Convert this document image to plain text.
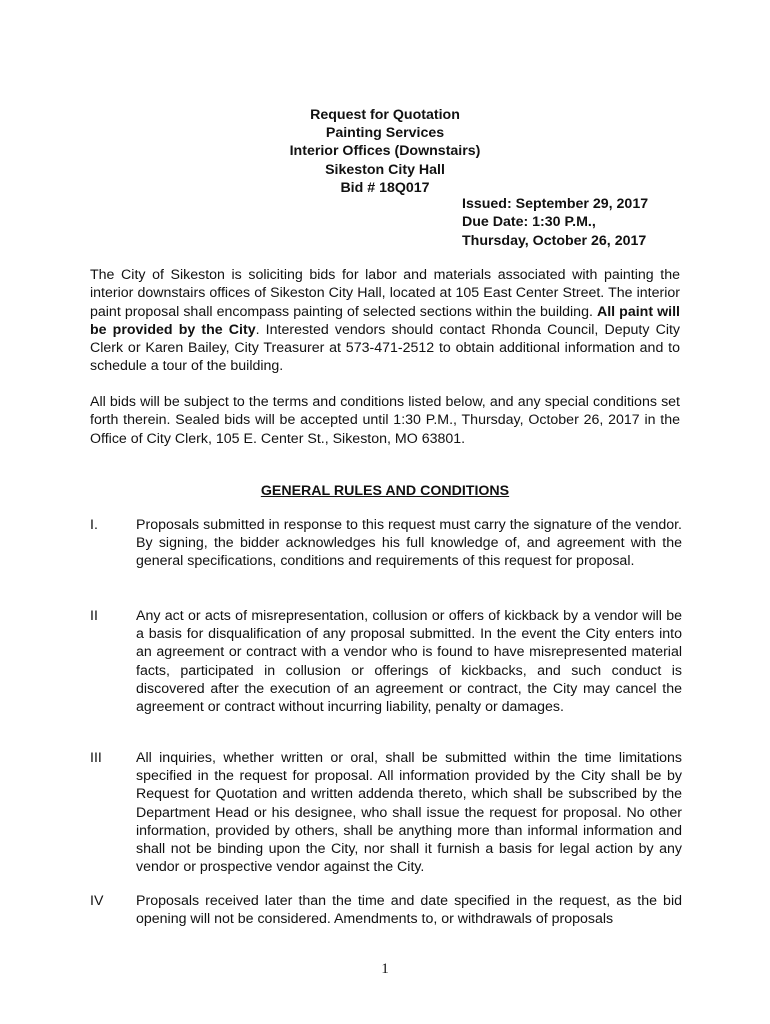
Request for Quotation
Painting Services
Interior Offices (Downstairs)
Sikeston City Hall
Bid # 18Q017
Issued: September 29, 2017
Due Date: 1:30 P.M.,
Thursday, October 26, 2017

The City of Sikeston is soliciting bids for labor and materials associated with painting the interior downstairs offices of Sikeston City Hall, located at 105 East Center Street. The interior paint proposal shall encompass painting of selected sections within the building. All paint will be provided by the City. Interested vendors should contact Rhonda Council, Deputy City Clerk or Karen Bailey, City Treasurer at 573-471-2512 to obtain additional information and to schedule a tour of the building.

All bids will be subject to the terms and conditions listed below, and any special conditions set forth therein. Sealed bids will be accepted until 1:30 P.M., Thursday, October 26, 2017 in the Office of City Clerk, 105 E. Center St., Sikeston, MO 63801.

GENERAL RULES AND CONDITIONS
I.	Proposals submitted in response to this request must carry the signature of the vendor. By signing, the bidder acknowledges his full knowledge of, and agreement with the general specifications, conditions and requirements of this request for proposal.
II	Any act or acts of misrepresentation, collusion or offers of kickback by a vendor will be a basis for disqualification of any proposal submitted. In the event the City enters into an agreement or contract with a vendor who is found to have misrepresented material facts, participated in collusion or offerings of kickbacks, and such conduct is discovered after the execution of an agreement or contract, the City may cancel the agreement or contract without incurring liability, penalty or damages.
III	All inquiries, whether written or oral, shall be submitted within the time limitations specified in the request for proposal. All information provided by the City shall be by Request for Quotation and written addenda thereto, which shall be subscribed by the Department Head or his designee, who shall issue the request for proposal. No other information, provided by others, shall be anything more than informal information and shall not be binding upon the City, nor shall it furnish a basis for legal action by any vendor or prospective vendor against the City.
IV	Proposals received later than the time and date specified in the request, as the bid opening will not be considered. Amendments to, or withdrawals of proposals
1
